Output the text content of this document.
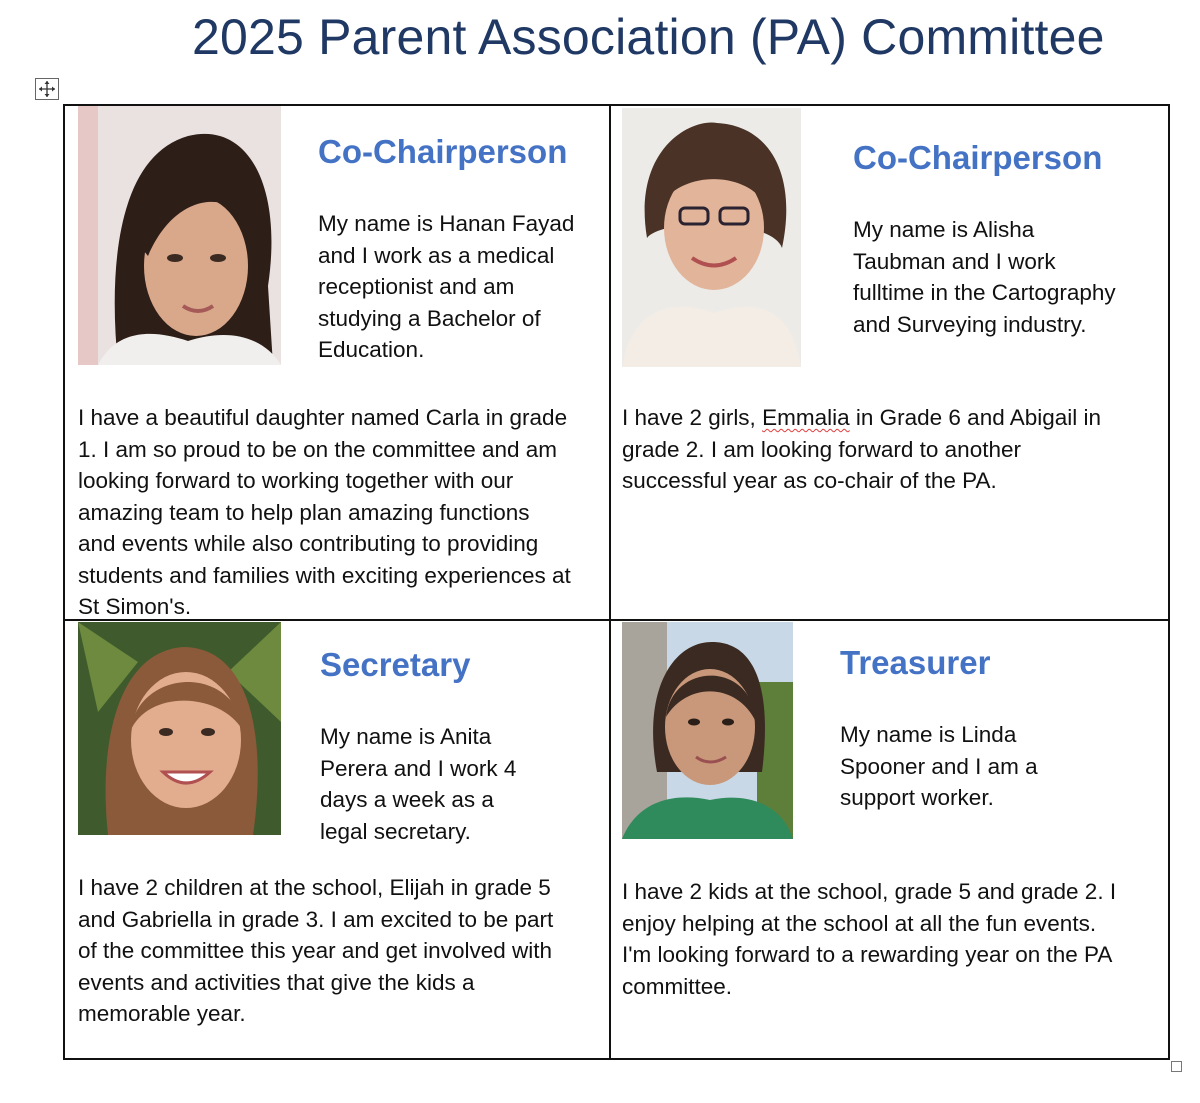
2025 Parent Association (PA) Committee
Co-Chairperson
My name is Hanan Fayad
and I work as a medical
receptionist and am
studying a Bachelor of
Education.
I have a beautiful daughter named Carla in grade
1. I am so proud to be on the committee and am
looking forward to working together with our
amazing team to help plan amazing functions
and events while also contributing to providing
students and families with exciting experiences at
St Simon's.
Co-Chairperson
My name is Alisha
Taubman and I work
fulltime in the Cartography
and Surveying industry.
I have 2 girls, Emmalia in Grade 6 and Abigail in
grade 2. I am looking forward to another
successful year as co-chair of the PA.
Secretary
My name is Anita
Perera and I work 4
days a week as a
legal secretary.
I have 2 children at the school, Elijah in grade 5
and Gabriella in grade 3. I am excited to be part
of the committee this year and get involved with
events and activities that give the kids a
memorable year.
Treasurer
My name is Linda
Spooner and I am a
support worker.
I have 2 kids at the school, grade 5 and grade 2. I
enjoy helping at the school at all the fun events.
I'm looking forward to a rewarding year on the PA
committee.
